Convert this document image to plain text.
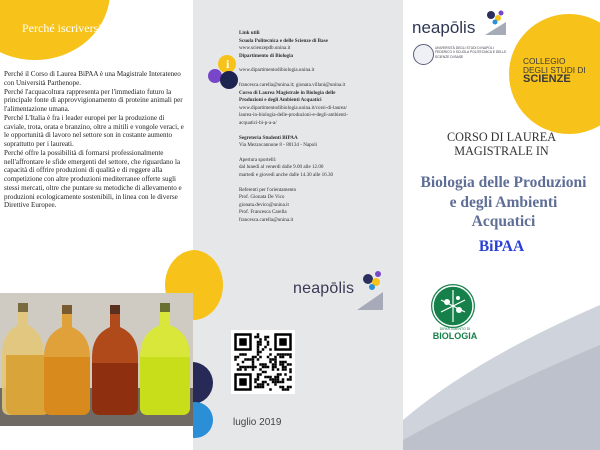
Perché iscriversi

Perché il Corso di Laurea BiPAA è una Magistrale Interateneo con Università Parthenope.

Perché l'acquacoltura rappresenta per l'immediato futuro la principale fonte di approvvigionamento di proteine animali per l'alimentazione umana.

Perché L'Italia è fra i leader europei per la produzione di caviale, trota, orata e branzino, oltre a mitili e vongole veraci, e le opportunità di lavoro nel settore son in costante aumento soprattutto per i laureati.

Perché offre la possibilità di formarsi professionalmente nell'affrontare le sfide emergenti del settore, che riguardano la capacità di offrire produzioni di qualità e di reggere alla competizione con altre produzioni mediterranee offerte sugli stessi mercati, oltre che puntare su metodiche di allevamento e produzioni ecologicamente sostenibili, in linea con le diverse Direttive Europee.

i
Link utili
Scuola Politecnica e delle Scienze di Base
www.scienzepdb.unina.it
Dipartimento di Biologia
www.dipartimentodibiologia.unina.it
francesca.carella@unina.it; gionata.villani@unina.it
Corso di Laurea Magistrale in Biologia delle
Produzioni e degli Ambienti Acquatici
www.dipartimentodibiologia.unina.it/corsi-di-laurea/
laurea-in-biologia-delle-produzioni-e-degli-ambienti-
acquatici-bi-p-a-a/
Segreteria Studenti BIPAA
Via Mezzocannone 8 - 80134 - Napoli
Apertura sportelli:
dal lunedì al venerdì dalle 9.00 alle 12.00
martedì e giovedì anche dalle 14.30 alle 16.30
Referenti per l'orientamento
Prof. Gionata De Vico
gionata.devico@unina.it
Prof. Francesca Carella
francesca.carella@unina.it
neapōlis
luglio 2019
neapōlis
UNIVERSITÀ DEGLI STUDI DI NAPOLI FEDERICO II SCUOLA POLITECNICA E DELLE SCIENZE DI BASE	COLLEGIO
DEGLI STUDI DI
SCIENZE
CORSO DI LAUREA
MAGISTRALE IN
Biologia delle Produzioni
e degli Ambienti
Acquatici
BiPAA
DIPARTIMENTO DI
BIOLOGIA
